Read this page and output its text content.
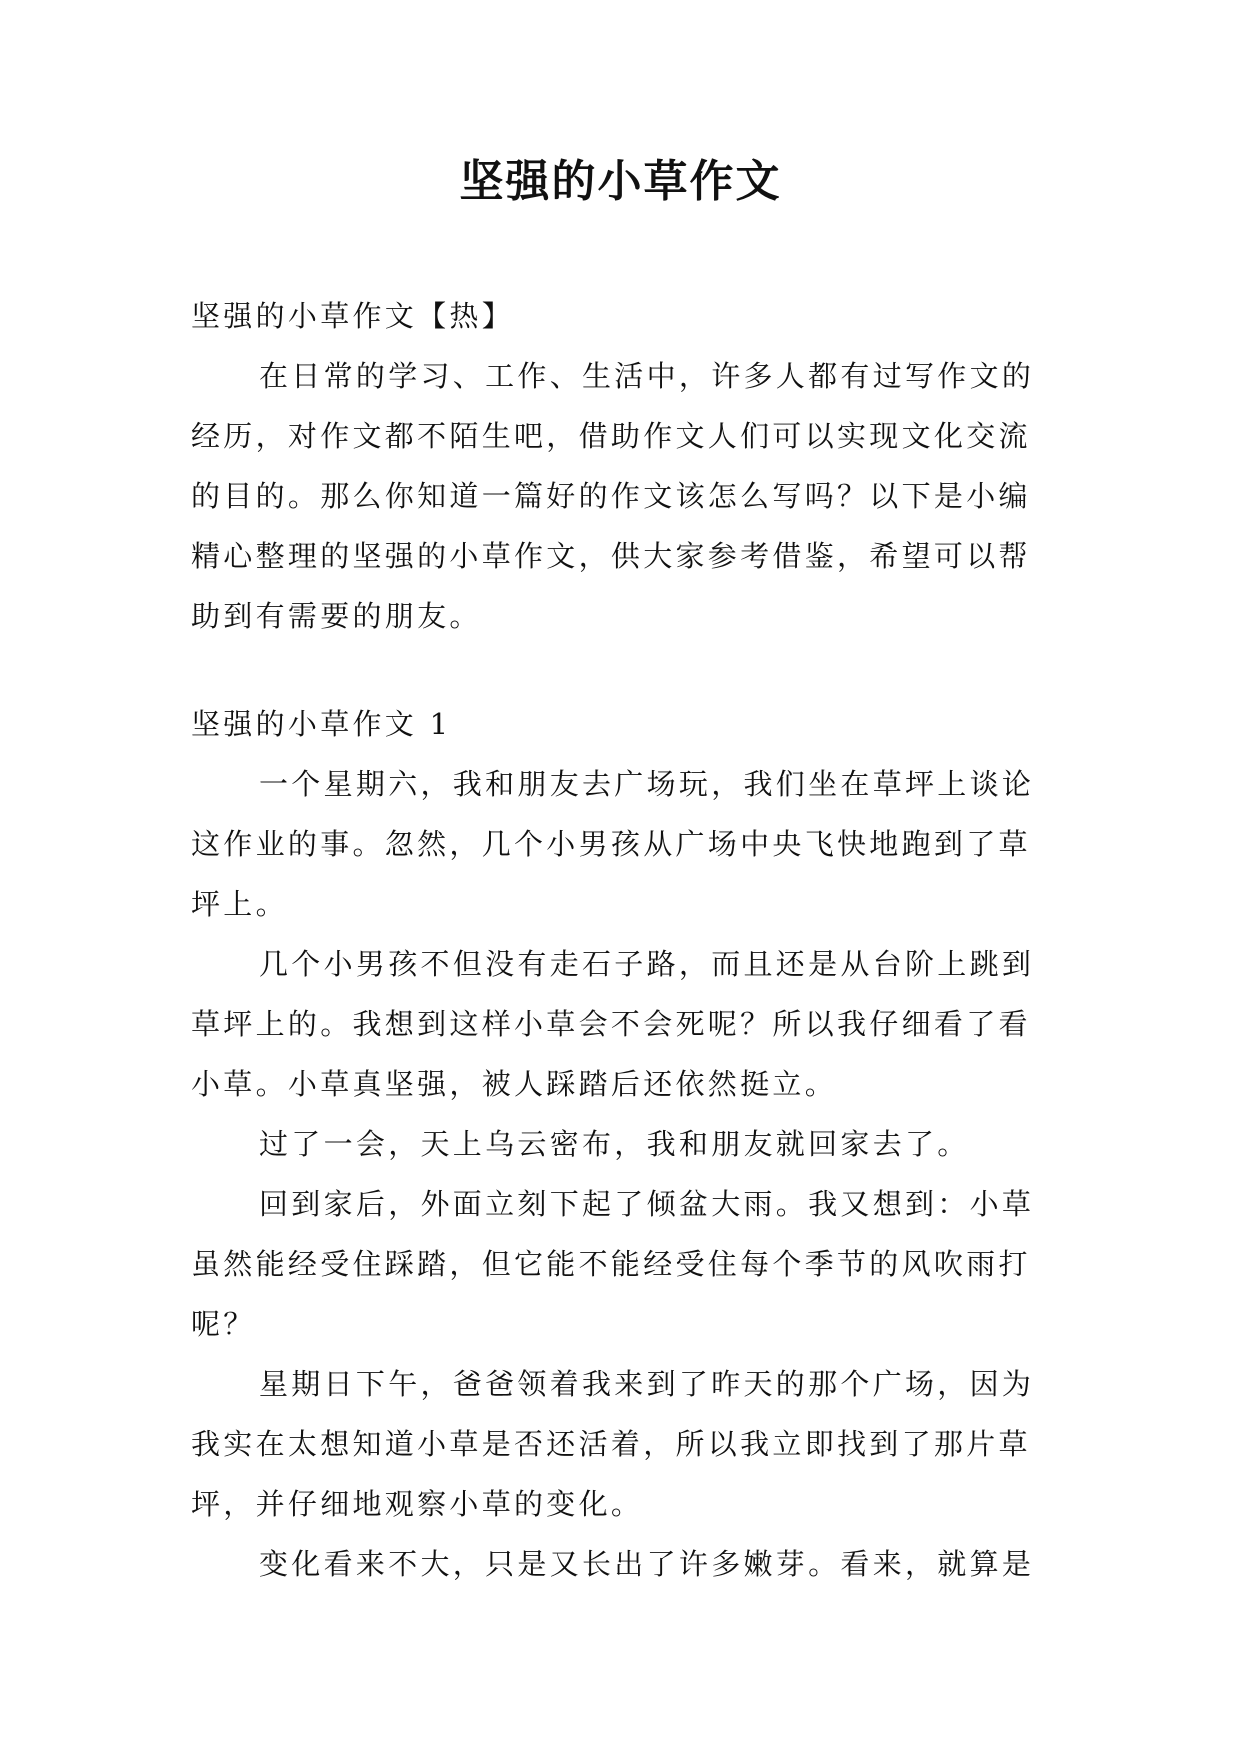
坚强的小草作文
坚强的小草作文【热】
在日常的学习、工作、生活中，许多人都有过写作文的
经历，对作文都不陌生吧，借助作文人们可以实现文化交流
的目的。那么你知道一篇好的作文该怎么写吗？以下是小编
精心整理的坚强的小草作文，供大家参考借鉴，希望可以帮
助到有需要的朋友。
坚强的小草作文 1
一个星期六，我和朋友去广场玩，我们坐在草坪上谈论
这作业的事。忽然，几个小男孩从广场中央飞快地跑到了草
坪上。
几个小男孩不但没有走石子路，而且还是从台阶上跳到
草坪上的。我想到这样小草会不会死呢？所以我仔细看了看
小草。小草真坚强，被人踩踏后还依然挺立。
过了一会，天上乌云密布，我和朋友就回家去了。
回到家后，外面立刻下起了倾盆大雨。我又想到：小草
虽然能经受住踩踏，但它能不能经受住每个季节的风吹雨打
呢？
星期日下午，爸爸领着我来到了昨天的那个广场，因为
我实在太想知道小草是否还活着，所以我立即找到了那片草
坪，并仔细地观察小草的变化。
变化看来不大，只是又长出了许多嫩芽。看来，就算是
